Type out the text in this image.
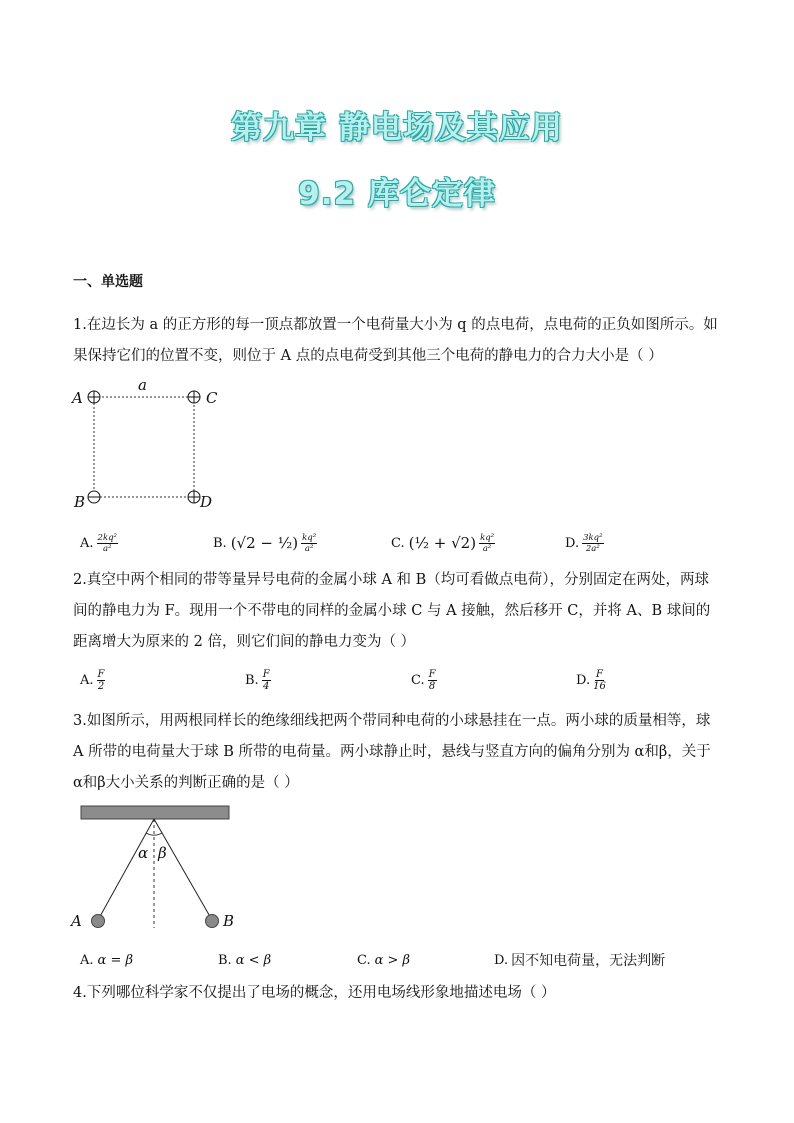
第九章 静电场及其应用
9.2 库仑定律
一、单选题
1.在边长为 a 的正方形的每一顶点都放置一个电荷量大小为 q 的点电荷，点电荷的正负如图所示。如果保持它们的位置不变，则位于 A 点的点电荷受到其他三个电荷的静电力的合力大小是（ ）
A	C
B	D
a
A. $\frac{\text{2kq²}}{\text{a²}}$	B. (√2 − ½) $\frac{\text{kq²}}{\text{a²}}$	C. (½ + $√2) \frac{\text{kq²}}{\text{a²}}$	D. $\frac{\text{3kq²}}{\text{2a²}}$
2.真空中两个相同的带等量异号电荷的金属小球 A 和 B（均可看做点电荷），分别固定在两处，两球间的静电力为 F。现用一个不带电的同样的金属小球 C 与 A 接触，然后移开 C，并将 A、B 球间的距离增大为原来的 2 倍，则它们间的静电力变为（ ）
A. $\frac{F}{2}$	B. $\frac{F}{4}$	C. $\frac{F}{8}$	D. $\frac{F}{16}$
3.如图所示，用两根同样长的绝缘细线把两个带同种电荷的小球悬挂在一点。两小球的质量相等，球 A 所带的电荷量大于球 B 所带的电荷量。两小球静止时，悬线与竖直方向的偏角分别为 α和β，关于 α和β大小关系的判断正确的是（ ）
α β
A	B
A. α = β	B. α < β	C. α > β	D. 因不知电荷量，无法判断
4.下列哪位科学家不仅提出了电场的概念，还用电场线形象地描述电场（ ）
